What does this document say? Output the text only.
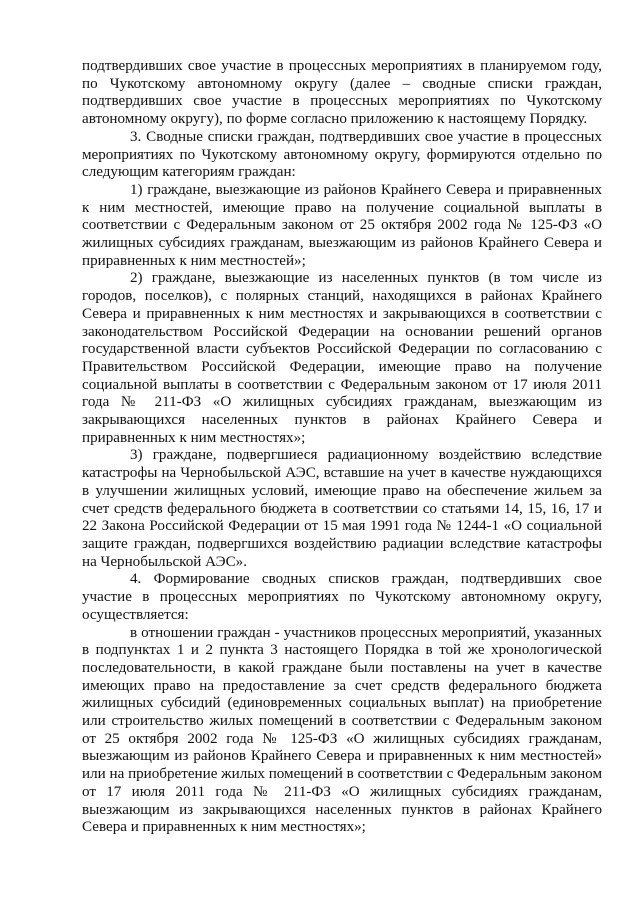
подтвердивших свое участие в процессных мероприятиях в планируемом году, по Чукотскому автономному округу (далее – сводные списки граждан, подтвердивших свое участие в процессных мероприятиях по Чукотскому автономному округу), по форме согласно приложению к настоящему Порядку.

3. Сводные списки граждан, подтвердивших свое участие в процессных мероприятиях по Чукотскому автономному округу, формируются отдельно по следующим категориям граждан:

1) граждане, выезжающие из районов Крайнего Севера и приравненных к ним местностей, имеющие право на получение социальной выплаты в соответствии с Федеральным законом от 25 октября 2002 года № 125-ФЗ «О жилищных субсидиях гражданам, выезжающим из районов Крайнего Севера и приравненных к ним местностей»;

2) граждане, выезжающие из населенных пунктов (в том числе из городов, поселков), с полярных станций, находящихся в районах Крайнего Севера и приравненных к ним местностях и закрывающихся в соответствии с законодательством Российской Федерации на основании решений органов государственной власти субъектов Российской Федерации по согласованию с Правительством Российской Федерации, имеющие право на получение социальной выплаты в соответствии с Федеральным законом от 17 июля 2011 года № 211-ФЗ «О жилищных субсидиях гражданам, выезжающим из закрывающихся населенных пунктов в районах Крайнего Севера и приравненных к ним местностях»;

3) граждане, подвергшиеся радиационному воздействию вследствие катастрофы на Чернобыльской АЭС, вставшие на учет в качестве нуждающихся в улучшении жилищных условий, имеющие право на обеспечение жильем за счет средств федерального бюджета в соответствии со статьями 14, 15, 16, 17 и 22 Закона Российской Федерации от 15 мая 1991 года № 1244-1 «О социальной защите граждан, подвергшихся воздействию радиации вследствие катастрофы на Чернобыльской АЭС».

4. Формирование сводных списков граждан, подтвердивших свое участие в процессных мероприятиях по Чукотскому автономному округу, осуществляется:

в отношении граждан - участников процессных мероприятий, указанных в подпунктах 1 и 2 пункта 3 настоящего Порядка в той же хронологической последовательности, в какой граждане были поставлены на учет в качестве имеющих право на предоставление за счет средств федерального бюджета жилищных субсидий (единовременных социальных выплат) на приобретение или строительство жилых помещений в соответствии с Федеральным законом от 25 октября 2002 года № 125-ФЗ «О жилищных субсидиях гражданам, выезжающим из районов Крайнего Севера и приравненных к ним местностей» или на приобретение жилых помещений в соответствии с Федеральным законом от 17 июля 2011 года № 211-ФЗ «О жилищных субсидиях гражданам, выезжающим из закрывающихся населенных пунктов в районах Крайнего Севера и приравненных к ним местностях»;
